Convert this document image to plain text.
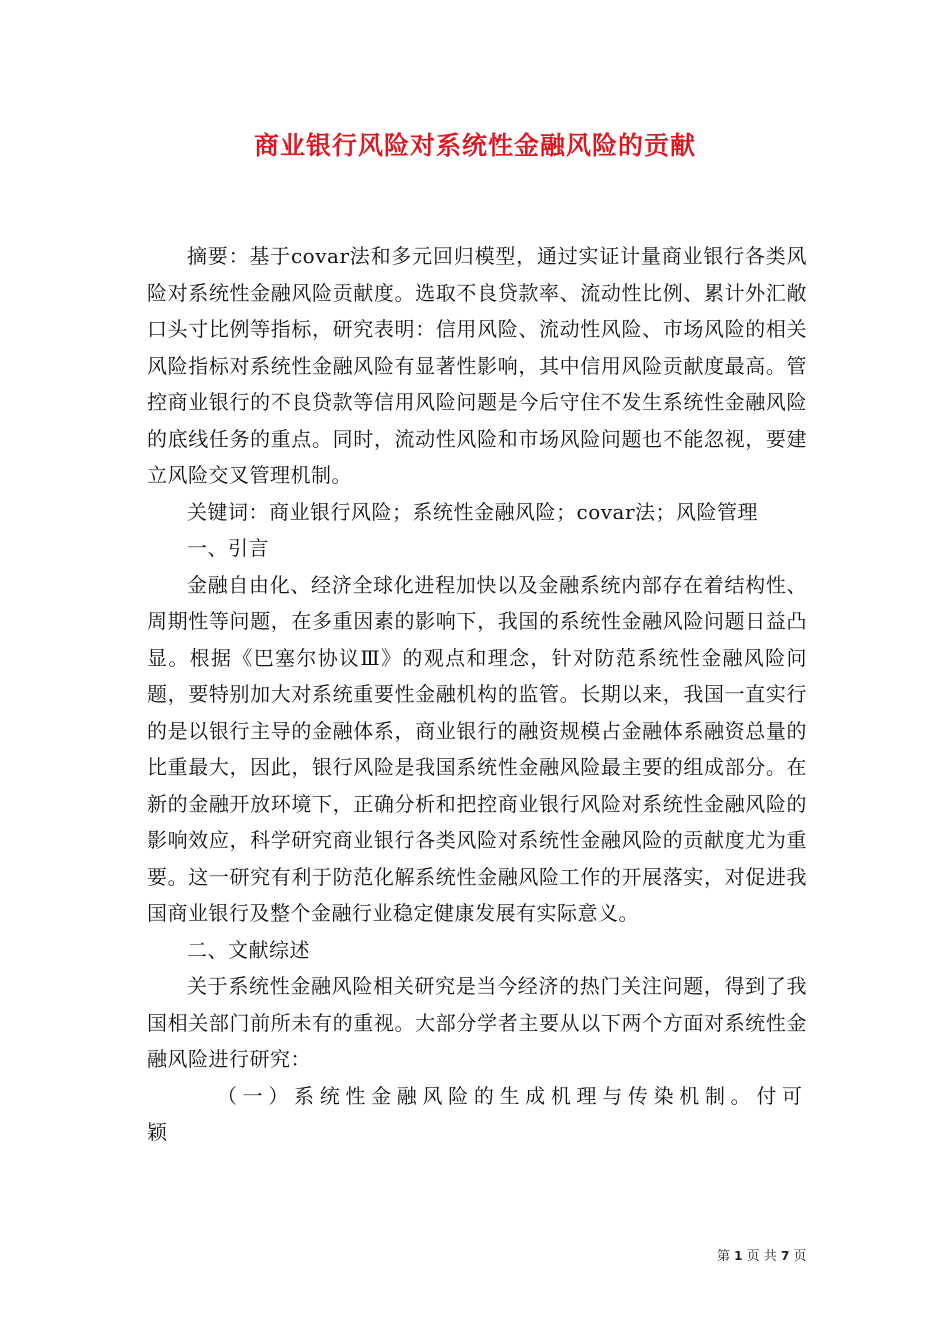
商业银行风险对系统性金融风险的贡献

摘要：基于covar法和多元回归模型，通过实证计量商业银行各类风险对系统性金融风险贡献度。选取不良贷款率、流动性比例、累计外汇敞口头寸比例等指标，研究表明：信用风险、流动性风险、市场风险的相关风险指标对系统性金融风险有显著性影响，其中信用风险贡献度最高。管控商业银行的不良贷款等信用风险问题是今后守住不发生系统性金融风险的底线任务的重点。同时，流动性风险和市场风险问题也不能忽视，要建立风险交叉管理机制。

关键词：商业银行风险；系统性金融风险；covar法；风险管理

一、引言

金融自由化、经济全球化进程加快以及金融系统内部存在着结构性、周期性等问题，在多重因素的影响下，我国的系统性金融风险问题日益凸显。根据《巴塞尔协议Ⅲ》的观点和理念，针对防范系统性金融风险问题，要特别加大对系统重要性金融机构的监管。长期以来，我国一直实行的是以银行主导的金融体系，商业银行的融资规模占金融体系融资总量的比重最大，因此，银行风险是我国系统性金融风险最主要的组成部分。在新的金融开放环境下，正确分析和把控商业银行风险对系统性金融风险的影响效应，科学研究商业银行各类风险对系统性金融风险的贡献度尤为重要。这一研究有利于防范化解系统性金融风险工作的开展落实，对促进我国商业银行及整个金融行业稳定健康发展有实际意义。

二、文献综述

关于系统性金融风险相关研究是当今经济的热门关注问题，得到了我国相关部门前所未有的重视。大部分学者主要从以下两个方面对系统性金融风险进行研究：

（一）系统性金融风险的生成机理与传染机制。付可颖

第 1 页 共 7 页
